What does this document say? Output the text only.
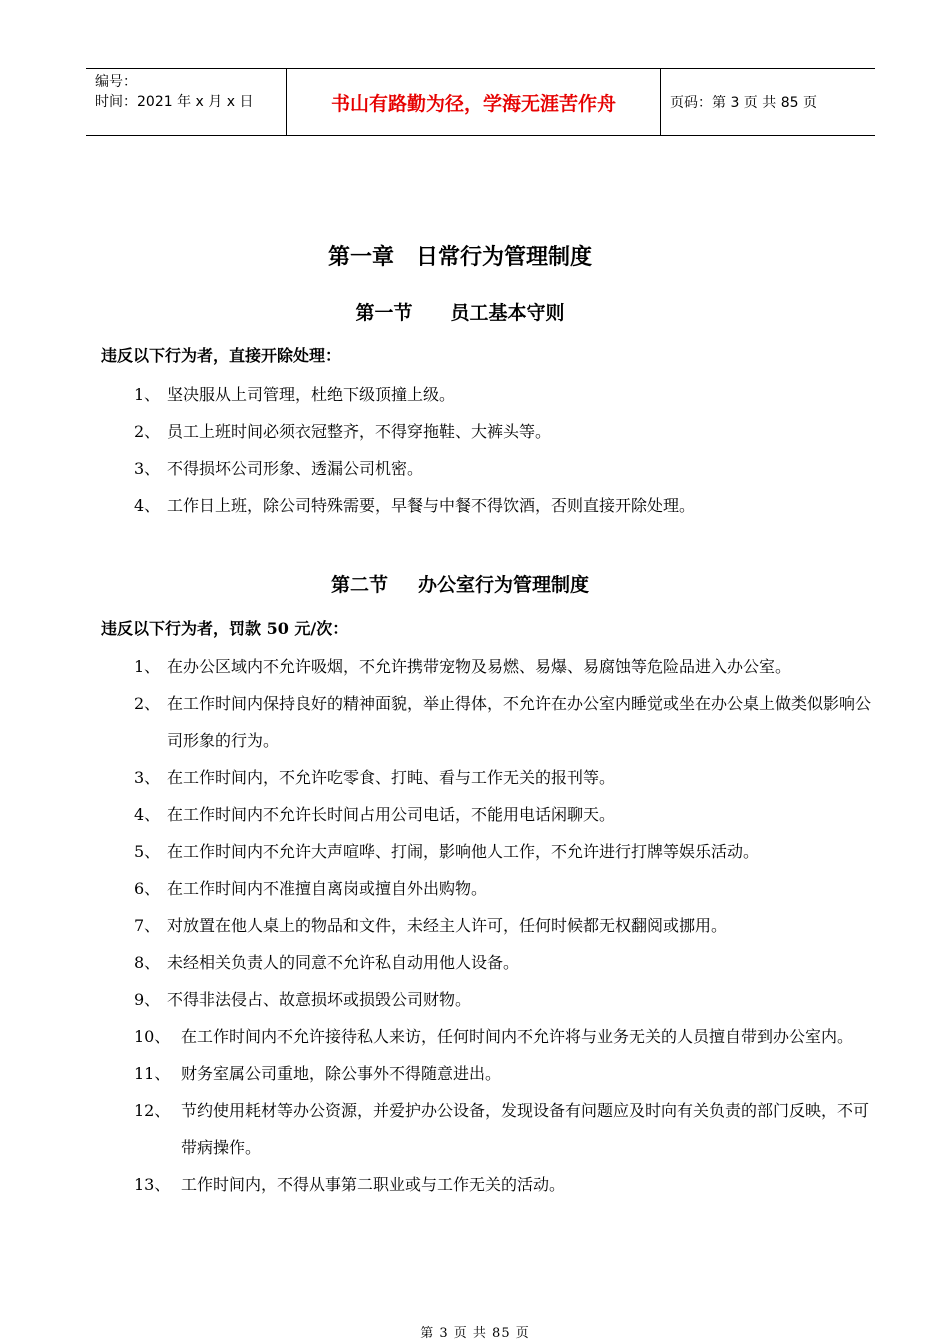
编号：
时间：2021 年 x 月 x 日	书山有路勤为径，学海无涯苦作舟	页码：第 3 页 共 85 页
第一章　日常行为管理制度
第一节 员工基本守则
违反以下行为者，直接开除处理：
1、 坚决服从上司管理，杜绝下级顶撞上级。
2、 员工上班时间必须衣冠整齐，不得穿拖鞋、大裤头等。
3、 不得损坏公司形象、透漏公司机密。
4、 工作日上班，除公司特殊需要，早餐与中餐不得饮酒，否则直接开除处理。
第二节 办公室行为管理制度
违反以下行为者，罚款 50 元/次：
1、 在办公区域内不允许吸烟，不允许携带宠物及易燃、易爆、易腐蚀等危险品进入办公室。
2、 在工作时间内保持良好的精神面貌，举止得体，不允许在办公室内睡觉或坐在办公桌上做类似影响公司形象的行为。
3、 在工作时间内，不允许吃零食、打盹、看与工作无关的报刊等。
4、 在工作时间内不允许长时间占用公司电话，不能用电话闲聊天。
5、 在工作时间内不允许大声喧哗、打闹，影响他人工作，不允许进行打牌等娱乐活动。
6、 在工作时间内不准擅自离岗或擅自外出购物。
7、 对放置在他人桌上的物品和文件，未经主人许可，任何时候都无权翻阅或挪用。
8、 未经相关负责人的同意不允许私自动用他人设备。
9、 不得非法侵占、故意损坏或损毁公司财物。
10、 在工作时间内不允许接待私人来访，任何时间内不允许将与业务无关的人员擅自带到办公室内。
11、 财务室属公司重地，除公事外不得随意进出。
12、 节约使用耗材等办公资源，并爱护办公设备，发现设备有问题应及时向有关负责的部门反映，不可带病操作。
13、 工作时间内，不得从事第二职业或与工作无关的活动。
第 3 页 共 85 页
